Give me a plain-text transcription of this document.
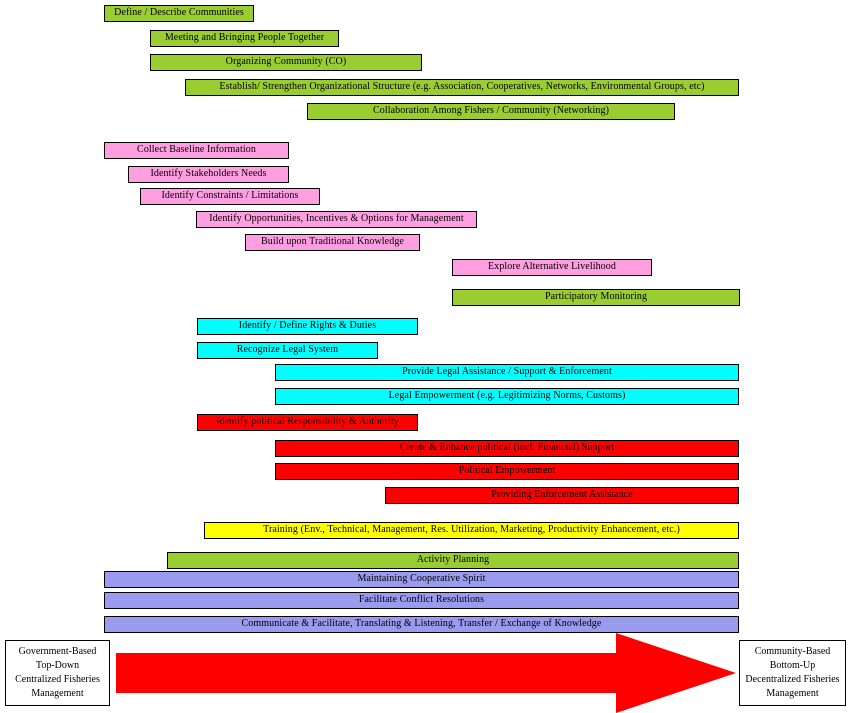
Define / Describe Communities
Meeting and Bringing People Together
Organizing Community (CO)
Establish/ Strengthen Organizational Structure (e.g. Association, Cooperatives, Networks, Environmental Groups, etc)
Collaboration Among Fishers / Community (Networking)
Collect Baseline Information
Identify Stakeholders Needs
Identify Constraints / Limitations
Identify Opportunities, Incentives & Options for Management
Build upon Traditional Knowledge
Explore Alternative Livelihood
Participatory Monitoring
Identify / Define Rights & Duties
Recognize Legal System
Provide Legal Assistance / Support & Enforcement
Legal Empowerment (e.g. Legitimizing Norms, Customs)
Identify political Responsibility & Authority
Create & Enhance political (incl. Financial) Support
Political Empowerment
Providing Enforcement Assistance
Training (Env., Technical, Management, Res. Utilization, Marketing, Productivity Enhancement, etc.)
Activity Planning
Maintaining Cooperative Spirit
Facilitate Conflict Resolutions
Communicate & Facilitate, Translating & Listening, Transfer / Exchange of Knowledge
Government-Based
Top-Down
Centralized Fisheries
Management
Community-Based
Bottom-Up
Decentralized Fisheries
Management
